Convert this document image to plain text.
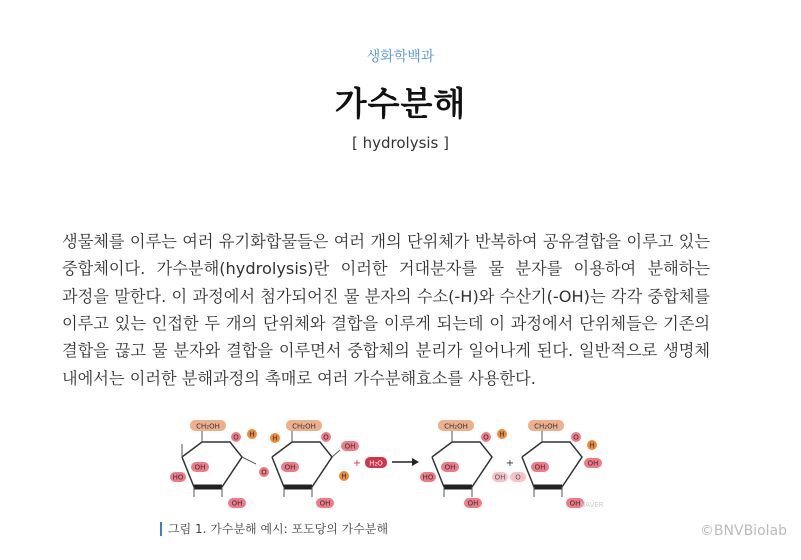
생화학백과
가수분해
[ hydrolysis ]

생물체를 이루는 여러 유기화합물들은 여러 개의 단위체가 반복하여 공유결합을 이루고 있는 중합체이다. 가수분해(hydrolysis)란 이러한 거대분자를 물 분자를 이용하여 분해하는 과정을 말한다. 이 과정에서 첨가되어진 물 분자의 수소(-H)와 수산기(-OH)는 각각 중합체를 이루고 있는 인접한 두 개의 단위체와 결합을 이루게 되는데 이 과정에서 단위체들은 기존의 결합을 끊고 물 분자와 결합을 이루면서 중합체의 분리가 일어나게 된다. 일반적으로 생명체 내에서는 이러한 분해과정의 촉매로 여러 가수분해효소를 사용한다.

CH₂OH
O H
OH
HO
OH
O
CH₂OH
H	O
OH
OH
OH
H
+ H₂O
CH₂OH
O H
OH
HO
OH
OH
+
CH₂OH
O
H
O
OH
OH
OH
NAVER
그림 1. 가수분해 예시: 포도당의 가수분해	©BNVBiolab
